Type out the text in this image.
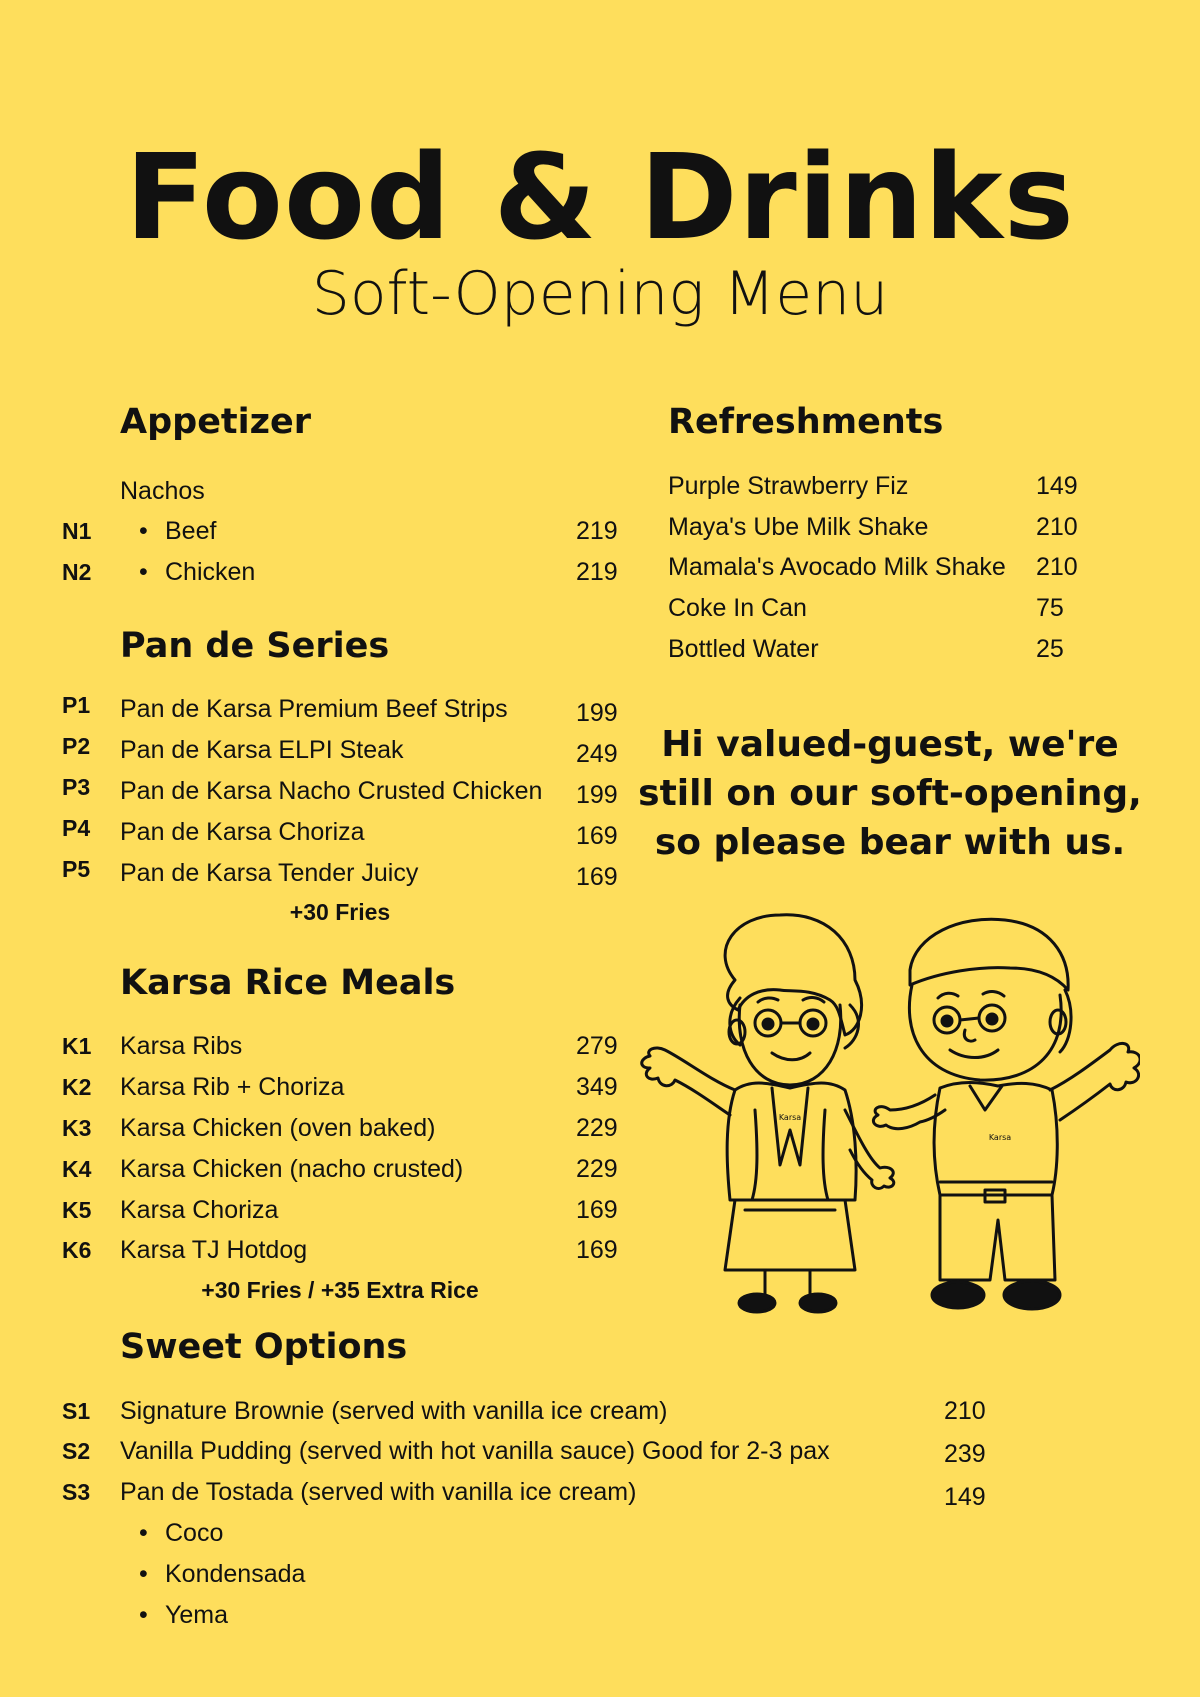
Food & Drinks
Soft-Opening Menu
Appetizer
Nachos
N1	• Beef	219
N2	• Chicken	219
Pan de Series
P1 Pan de Karsa Premium Beef Strips	199
P2 Pan de Karsa ELPI Steak	249
P3 Pan de Karsa Nacho Crusted Chicken 199
P4 Pan de Karsa Choriza	169
P5 Pan de Karsa Tender Juicy	169
+30 Fries
Karsa Rice Meals
K1 Karsa Ribs	279
K2 Karsa Rib + Choriza	349
K3 Karsa Chicken (oven baked)	229
K4 Karsa Chicken (nacho crusted)	229
K5 Karsa Choriza	169
K6 Karsa TJ Hotdog	169
+30 Fries / +35 Extra Rice
Sweet Options
S1 Signature Brownie (served with vanilla ice cream)	210
S2 Vanilla Pudding (served with hot vanilla sauce) Good for 2-3 pax	239
S3 Pan de Tostada (served with vanilla ice cream)	149
• Coco
• Kondensada
• Yema
Refreshments
Purple Strawberry Fiz	149
Maya's Ube Milk Shake	210
Mamala's Avocado Milk Shake 210
Coke In Can	75
Bottled Water	25
Hi valued-guest, we're
still on our soft-opening,
so please bear with us.
Karsa
Karsa
